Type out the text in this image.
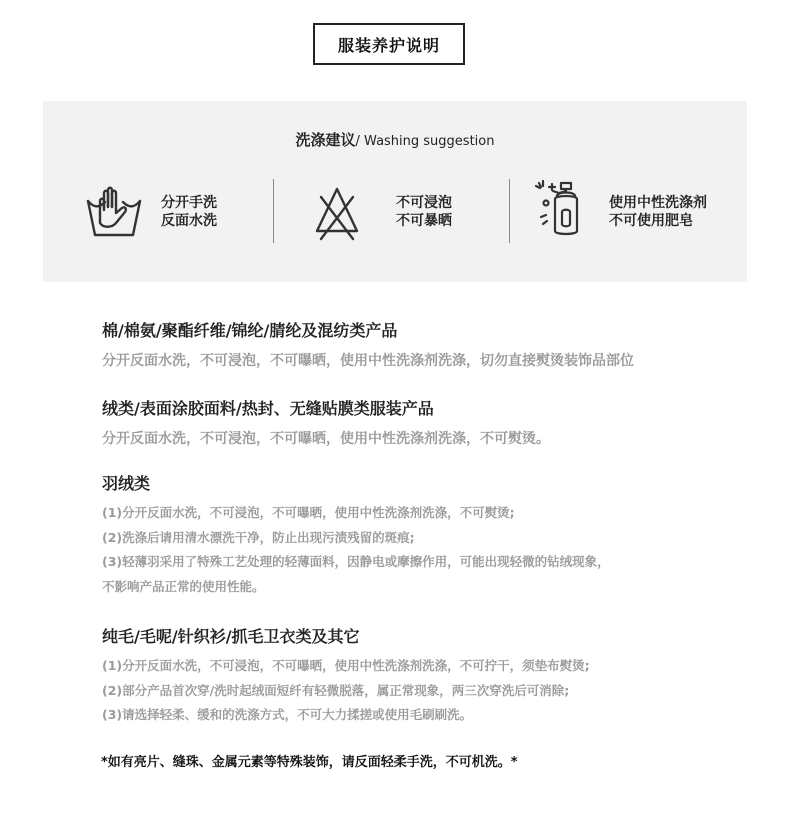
服装养护说明
洗涤建议/ Washing suggestion
分开手洗
反面水洗
不可浸泡
不可暴晒
使用中性洗涤剂
不可使用肥皂
棉/棉氨/聚酯纤维/锦纶/腈纶及混纺类产品
分开反面水洗，不可浸泡，不可曝晒，使用中性洗涤剂洗涤，切勿直接熨烫装饰品部位
绒类/表面涂胶面料/热封、无缝贴膜类服装产品
分开反面水洗，不可浸泡，不可曝晒，使用中性洗涤剂洗涤，不可熨烫。
羽绒类
(1)分开反面水洗，不可浸泡，不可曝晒，使用中性洗涤剂洗涤，不可熨烫;
(2)洗涤后请用清水漂洗干净，防止出现污渍残留的斑痕;
(3)轻薄羽采用了特殊工艺处理的轻薄面料，因静电或摩擦作用，可能出现轻微的钻绒现象，
不影响产品正常的使用性能。
纯毛/毛呢/针织衫/抓毛卫衣类及其它
(1)分开反面水洗，不可浸泡，不可曝晒，使用中性洗涤剂洗涤，不可拧干，须垫布熨烫;
(2)部分产品首次穿/洗时起绒面短纤有轻微脱落，属正常现象，两三次穿洗后可消除;
(3)请选择轻柔、缓和的洗涤方式，不可大力揉搓或使用毛刷刷洗。
*如有亮片、缝珠、金属元素等特殊装饰，请反面轻柔手洗，不可机洗。*
